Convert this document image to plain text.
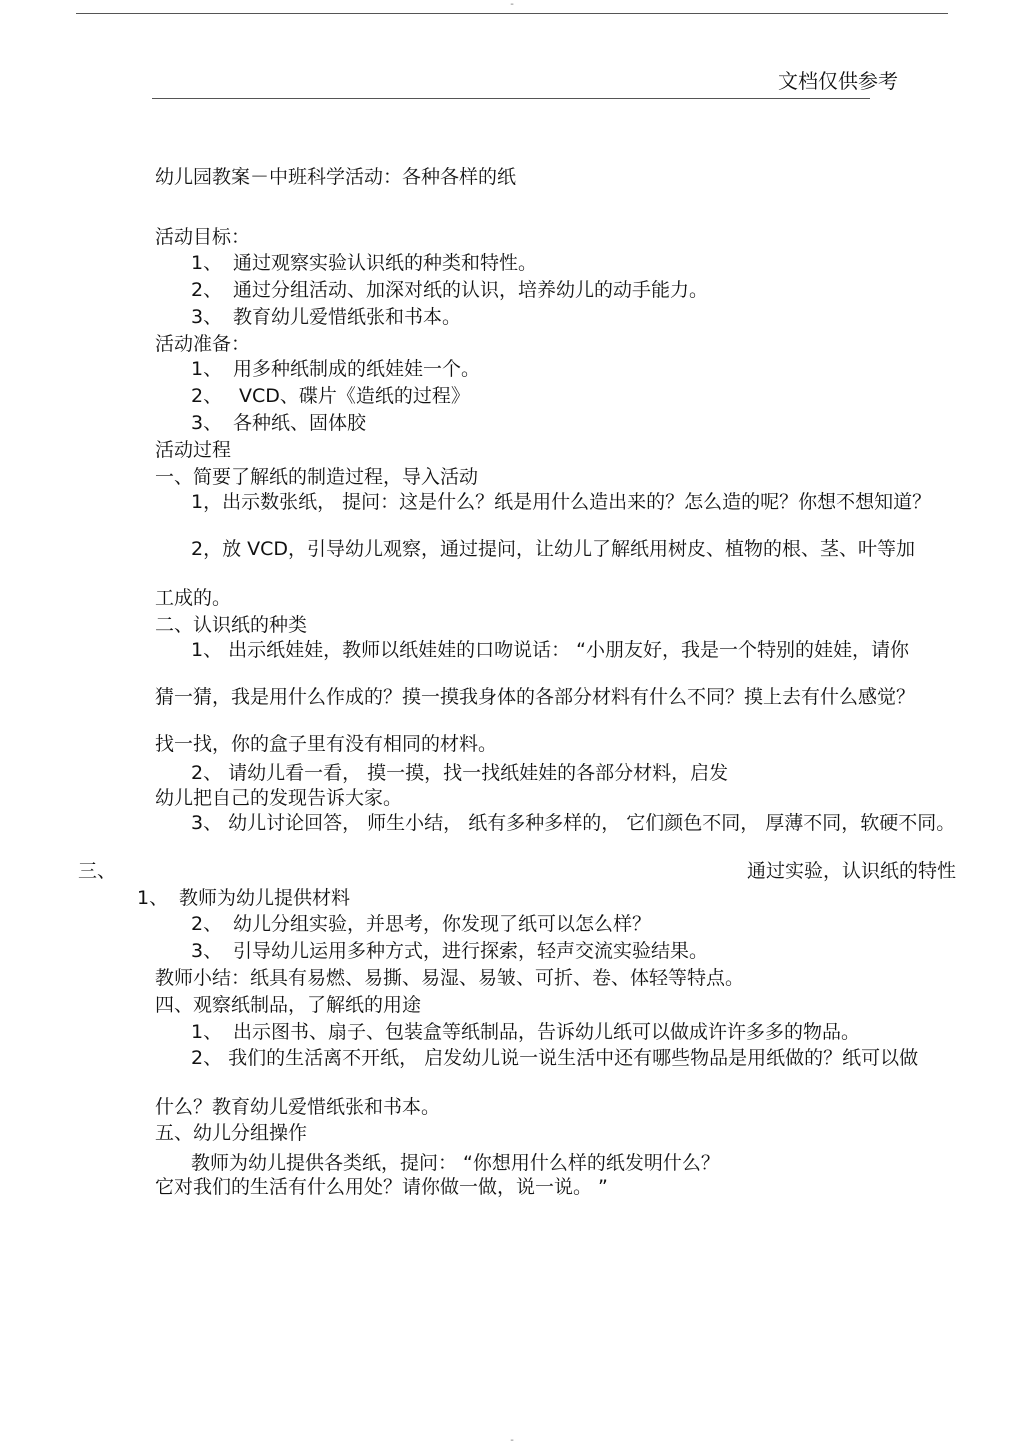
-
文档仅供参考
幼儿园教案－中班科学活动：各种各样的纸
活动目标：
1、 通过观察实验认识纸的种类和特性。
2、 通过分组活动、加深对纸的认识，培养幼儿的动手能力。
3、 教育幼儿爱惜纸张和书本。
活动准备：
1、 用多种纸制成的纸娃娃一个。
2、 VCD、碟片《造纸的过程》
3、 各种纸、固体胶
活动过程
一、简要了解纸的制造过程，导入活动
1，出示数张纸， 提问：这是什么？纸是用什么造出来的？怎么造的呢？你想不想知道？
2，放 VCD，引导幼儿观察，通过提问，让幼儿了解纸用树皮、植物的根、茎、叶等加
工成的。
二、认识纸的种类
1、 出示纸娃娃，教师以纸娃娃的口吻说话： “小朋友好，我是一个特别的娃娃，请你
猜一猜，我是用什么作成的？摸一摸我身体的各部分材料有什么不同？摸上去有什么感觉？
找一找，你的盒子里有没有相同的材料。
2、 请幼儿看一看， 摸一摸，找一找纸娃娃的各部分材料，启发
幼儿把自己的发现告诉大家。
3、 幼儿讨论回答， 师生小结， 纸有多种多样的， 它们颜色不同， 厚薄不同，软硬不同。
三、	通过实验，认识纸的特性
1、 教师为幼儿提供材料
2、 幼儿分组实验，并思考，你发现了纸可以怎么样？
3、 引导幼儿运用多种方式，进行探索，轻声交流实验结果。
教师小结：纸具有易燃、易撕、易湿、易皱、可折、卷、体轻等特点。
四、观察纸制品，了解纸的用途
1、 出示图书、扇子、包装盒等纸制品，告诉幼儿纸可以做成许许多多的物品。
2、 我们的生活离不开纸， 启发幼儿说一说生活中还有哪些物品是用纸做的？纸可以做
什么？教育幼儿爱惜纸张和书本。
五、幼儿分组操作
教师为幼儿提供各类纸，提问： “你想用什么样的纸发明什么？
它对我们的生活有什么用处？请你做一做，说一说。 ”
-
